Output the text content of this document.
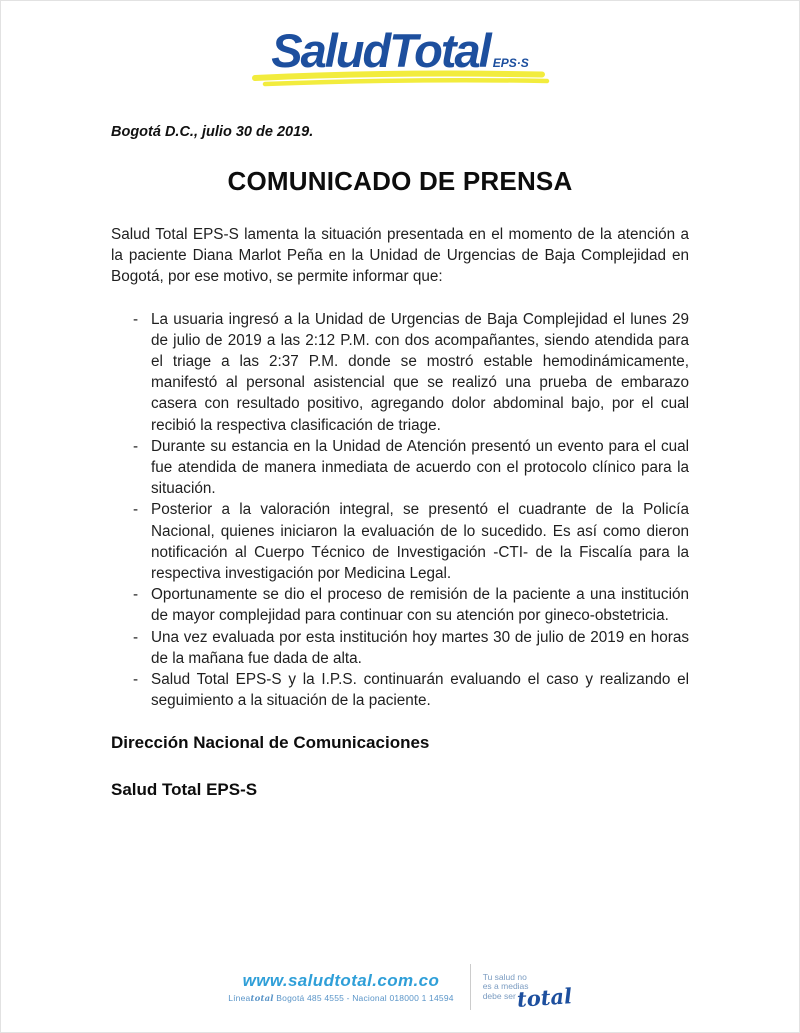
SaludTotal EPS·S
Bogotá D.C., julio 30 de 2019.
COMUNICADO DE PRENSA

Salud Total EPS-S lamenta la situación presentada en el momento de la atención a la paciente Diana Marlot Peña en la Unidad de Urgencias de Baja Complejidad en Bogotá, por ese motivo, se permite informar que:

- La usuaria ingresó a la Unidad de Urgencias de Baja Complejidad el lunes 29 de julio de 2019 a las 2:12 P.M. con dos acompañantes, siendo atendida para el triage a las 2:37 P.M. donde se mostró estable hemodinámicamente, manifestó al personal asistencial que se realizó una prueba de embarazo casera con resultado positivo, agregando dolor abdominal bajo, por el cual recibió la respectiva clasificación de triage.
- Durante su estancia en la Unidad de Atención presentó un evento para el cual fue atendida de manera inmediata de acuerdo con el protocolo clínico para la situación.
- Posterior a la valoración integral, se presentó el cuadrante de la Policía Nacional, quienes iniciaron la evaluación de lo sucedido. Es así como dieron notificación al Cuerpo Técnico de Investigación -CTI- de la Fiscalía para la respectiva investigación por Medicina Legal.
- Oportunamente se dio el proceso de remisión de la paciente a una institución de mayor complejidad para continuar con su atención por gineco-obstetricia.
- Una vez evaluada por esta institución hoy martes 30 de julio de 2019 en horas de la mañana fue dada de alta.
- Salud Total EPS-S y la I.P.S. continuarán evaluando el caso y realizando el seguimiento a la situación de la paciente.
Dirección Nacional de Comunicaciones
Salud Total EPS-S
www.saludtotal.com.co
Líneatotal Bogotá 485 4555 - Nacional 018000 1 14594
Tu salud no
es a medias
debe sertotal
